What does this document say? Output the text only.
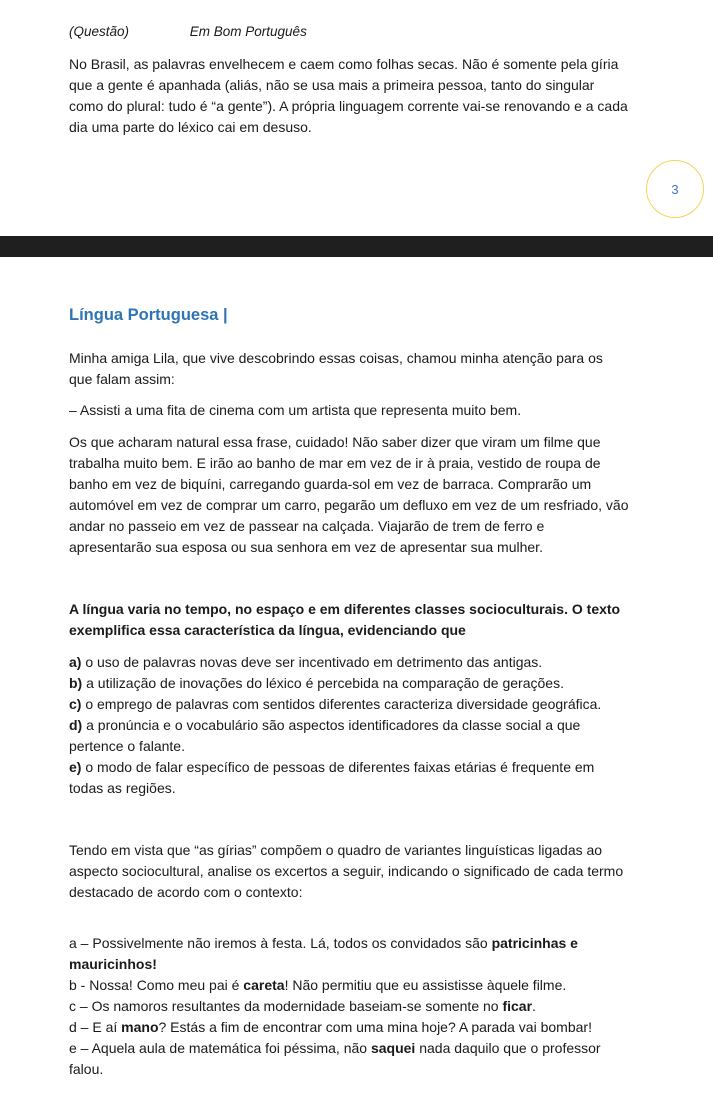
(Questão)	Em Bom Português

No Brasil, as palavras envelhecem e caem como folhas secas. Não é somente pela gíria que a gente é apanhada (aliás, não se usa mais a primeira pessoa, tanto do singular como do plural: tudo é “a gente”). A própria linguagem corrente vai-se renovando e a cada dia uma parte do léxico cai em desuso.

3
Língua Portuguesa |

Minha amiga Lila, que vive descobrindo essas coisas, chamou minha atenção para os que falam assim:

– Assisti a uma fita de cinema com um artista que representa muito bem.

Os que acharam natural essa frase, cuidado! Não saber dizer que viram um filme que trabalha muito bem. E irão ao banho de mar em vez de ir à praia, vestido de roupa de banho em vez de biquíni, carregando guarda-sol em vez de barraca. Comprarão um automóvel em vez de comprar um carro, pegarão um defluxo em vez de um resfriado, vão andar no passeio em vez de passear na calçada. Viajarão de trem de ferro e apresentarão sua esposa ou sua senhora em vez de apresentar sua mulher.

A língua varia no tempo, no espaço e em diferentes classes socioculturais. O texto exemplifica essa característica da língua, evidenciando que

a) o uso de palavras novas deve ser incentivado em detrimento das antigas.

b) a utilização de inovações do léxico é percebida na comparação de gerações.

c) o emprego de palavras com sentidos diferentes caracteriza diversidade geográfica.

d) a pronúncia e o vocabulário são aspectos identificadores da classe social a que pertence o falante.

e) o modo de falar específico de pessoas de diferentes faixas etárias é frequente em todas as regiões.

Tendo em vista que “as gírias” compõem o quadro de variantes linguísticas ligadas ao aspecto sociocultural, analise os excertos a seguir, indicando o significado de cada termo destacado de acordo com o contexto:

a – Possivelmente não iremos à festa. Lá, todos os convidados são patricinhas e mauricinhos!

b - Nossa! Como meu pai é careta! Não permitiu que eu assistisse àquele filme.

c – Os namoros resultantes da modernidade baseiam-se somente no ficar.

d – E aí mano? Estás a fim de encontrar com uma mina hoje? A parada vai bombar!

e – Aquela aula de matemática foi péssima, não saquei nada daquilo que o professor falou.
